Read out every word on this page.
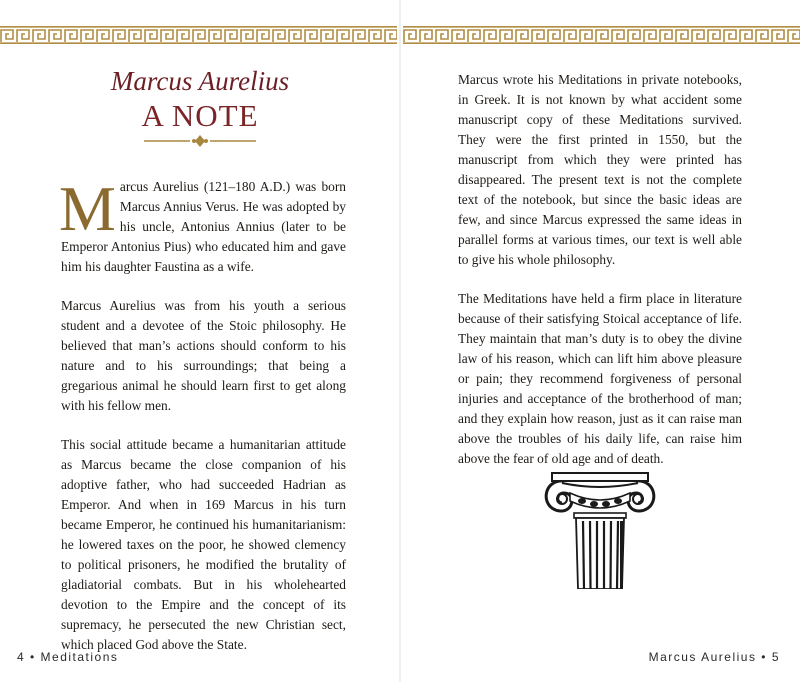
Marcus Aurelius
A NOTE

Marcus Aurelius (121–180 A.D.) was born Marcus Annius Verus. He was adopted by his uncle, Antonius Annius (later to be Emperor Antonius Pius) who educated him and gave him his daughter Faustina as a wife.

Marcus Aurelius was from his youth a serious student and a devotee of the Stoic philosophy. He believed that man’s actions should conform to his nature and to his surroundings; that being a gregarious animal he should learn first to get along with his fellow men.

This social attitude became a humanitarian attitude as Marcus became the close companion of his adoptive father, who had succeeded Hadrian as Emperor. And when in 169 Marcus in his turn became Emperor, he continued his humanitarianism: he lowered taxes on the poor, he showed clemency to political prisoners, he modified the brutality of gladiatorial combats. But in his wholehearted devotion to the Empire and the concept of its supremacy, he persecuted the new Christian sect, which placed God above the State.

4 • Meditations

Marcus wrote his Meditations in private notebooks, in Greek. It is not known by what accident some manuscript copy of these Meditations survived. They were the first printed in 1550, but the manuscript from which they were printed has disappeared. The present text is not the complete text of the notebook, but since the basic ideas are few, and since Marcus expressed the same ideas in parallel forms at various times, our text is well able to give his whole philosophy.

The Meditations have held a firm place in literature because of their satisfying Stoical acceptance of life. They maintain that man’s duty is to obey the divine law of his reason, which can lift him above pleasure or pain; they recommend forgiveness of personal injuries and acceptance of the brotherhood of man; and they explain how reason, just as it can raise man above the troubles of his daily life, can raise him above the fear of old age and of death.

Marcus Aurelius • 5
